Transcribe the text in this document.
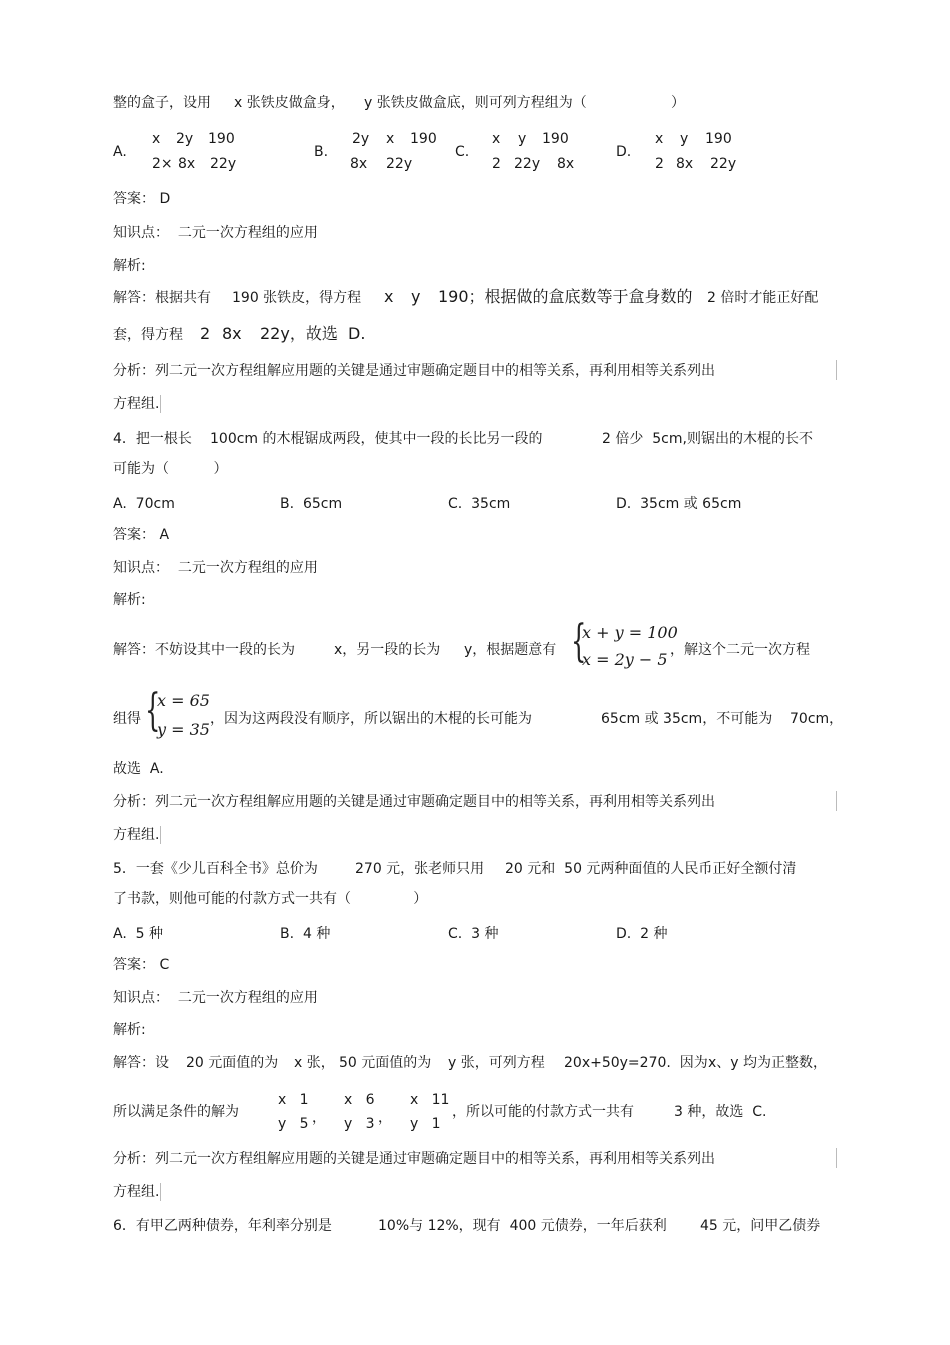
整的盒子，设用 x 张铁皮做盒身， y 张铁皮做盒底，则可列方程组为（	）
A.
x 2y 190
2× 8x 22y
B.
2y x 190
8x 22y
C.
x y 190
2 22y 8x
D.
x y 190
2 8x 22y
答案： D
知识点：  二元一次方程组的应用
解析:
解答：根据共有 190 张铁皮，得方程 x y 190；根据做的盒底数等于盒身数的 2 倍时才能正好配
套，得方程 2 8x 22y，故选  D.
分析：列二元一次方程组解应用题的关键是通过审题确定题目中的相等关系，再利用相等关系列出
方程组.
4．把一根长 100cm 的木棍锯成两段，使其中一段的长比另一段的	2 倍少  5cm,则锯出的木棍的长不
可能为（          ）
A.  70cm	B.  65cm	C.  35cm	D.  35cm 或 65cm
答案： A
知识点：  二元一次方程组的应用
解析:
解答：不妨设其中一段的长为	x，另一段的长为 y，根据题意有 {
x + y = 100
x = 2y − 5 ，解这个二元一次方程
组得 {
x = 65
y = 35
，因为这两段没有顺序，所以锯出的木棍的长可能为	65cm 或 35cm，不可能为 70cm，
故选  A.
分析：列二元一次方程组解应用题的关键是通过审题确定题目中的相等关系，再利用相等关系列出
方程组.
5．一套《少儿百科全书》总价为	270 元，张老师只用 20 元和  50 元两种面值的人民币正好全额付清
了书款，则他可能的付款方式一共有（              ）
A.  5 种	B.  4 种	C.  3 种	D.  2 种
答案： C
知识点：  二元一次方程组的应用
解析:
解答：设 20 元面值的为 x 张， 50 元面值的为 y 张，可列方程 20x+50y=270.  因为 x、y 均为正整数，
所以满足条件的解为
x   1
y   5 ，
x   6
y   3 ，
x   11
y   1
，所以可能的付款方式一共有	3 种，故选  C.
分析：列二元一次方程组解应用题的关键是通过审题确定题目中的相等关系，再利用相等关系列出
方程组.
6．有甲乙两种债券，年利率分别是	10%与 12%，现有  400 元债券，一年后获利 45 元，问甲乙债券
